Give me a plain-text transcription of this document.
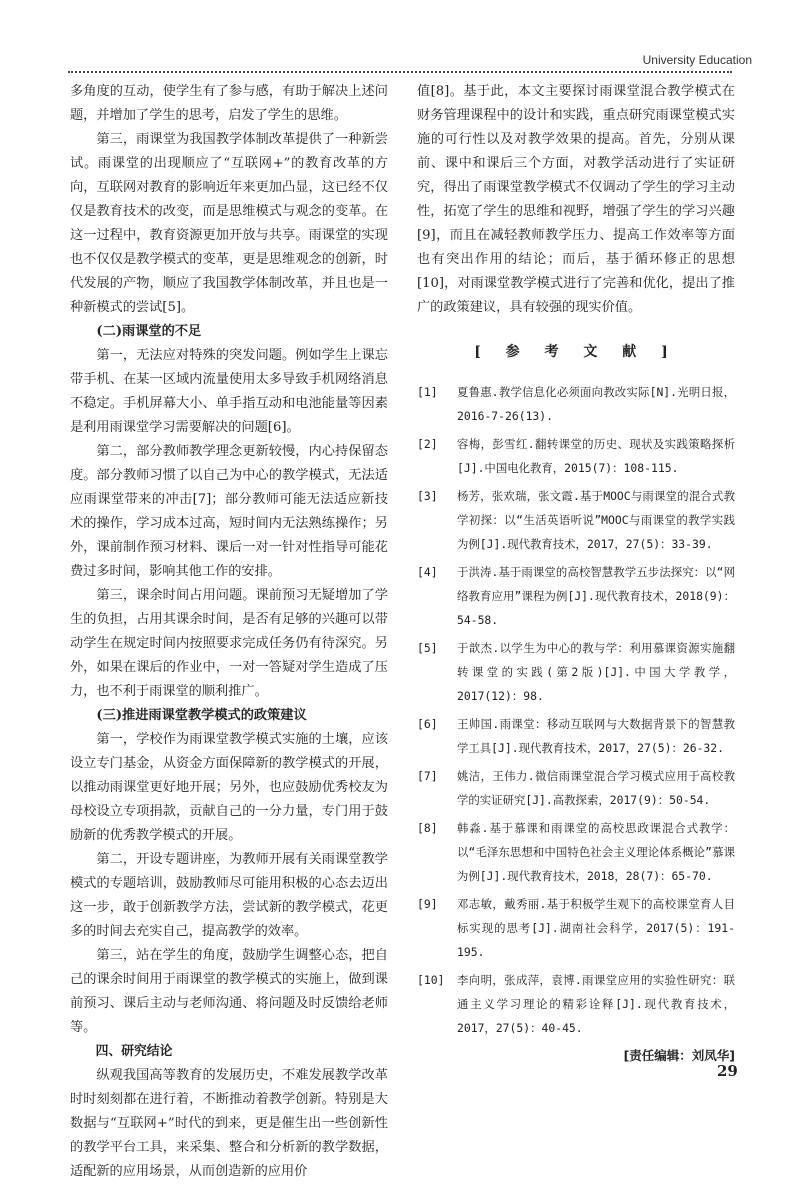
University Education

多角度的互动，使学生有了参与感，有助于解决上述问题，并增加了学生的思考，启发了学生的思维。

第三，雨课堂为我国教学体制改革提供了一种新尝试。雨课堂的出现顺应了“互联网+”的教育改革的方向，互联网对教育的影响近年来更加凸显，这已经不仅仅是教育技术的改变，而是思维模式与观念的变革。在这一过程中，教育资源更加开放与共享。雨课堂的实现也不仅仅是教学模式的变革，更是思维观念的创新，时代发展的产物，顺应了我国教学体制改革，并且也是一种新模式的尝试[5]。

(二)雨课堂的不足

第一，无法应对特殊的突发问题。例如学生上课忘带手机、在某一区域内流量使用太多导致手机网络消息不稳定。手机屏幕大小、单手指互动和电池能量等因素是利用雨课堂学习需要解决的问题[6]。

第二，部分教师教学理念更新较慢，内心持保留态度。部分教师习惯了以自己为中心的教学模式，无法适应雨课堂带来的冲击[7]；部分教师可能无法适应新技术的操作，学习成本过高，短时间内无法熟练操作；另外，课前制作预习材料、课后一对一针对性指导可能花费过多时间，影响其他工作的安排。

第三，课余时间占用问题。课前预习无疑增加了学生的负担，占用其课余时间，是否有足够的兴趣可以带动学生在规定时间内按照要求完成任务仍有待深究。另外，如果在课后的作业中，一对一答疑对学生造成了压力，也不利于雨课堂的顺利推广。

(三)推进雨课堂教学模式的政策建议

第一，学校作为雨课堂教学模式实施的土壤，应该设立专门基金，从资金方面保障新的教学模式的开展，以推动雨课堂更好地开展；另外，也应鼓励优秀校友为母校设立专项捐款，贡献自己的一分力量，专门用于鼓励新的优秀教学模式的开展。

第二，开设专题讲座，为教师开展有关雨课堂教学模式的专题培训，鼓励教师尽可能用积极的心态去迈出这一步，敢于创新教学方法，尝试新的教学模式，花更多的时间去充实自己，提高教学的效率。

第三，站在学生的角度，鼓励学生调整心态，把自己的课余时间用于雨课堂的教学模式的实施上，做到课前预习、课后主动与老师沟通、将问题及时反馈给老师等。

四、研究结论

纵观我国高等教育的发展历史，不难发展教学改革时时刻刻都在进行着，不断推动着教学创新。特别是大数据与“互联网+”时代的到来，更是催生出一些创新性的教学平台工具，来采集、整合和分析新的教学数据，适配新的应用场景，从而创造新的应用价

值[8]。基于此，本文主要探讨雨课堂混合教学模式在财务管理课程中的设计和实践，重点研究雨课堂模式实施的可行性以及对教学效果的提高。首先，分别从课前、课中和课后三个方面，对教学活动进行了实证研究，得出了雨课堂教学模式不仅调动了学生的学习主动性，拓宽了学生的思维和视野，增强了学生的学习兴趣[9]，而且在减轻教师教学压力、提高工作效率等方面也有突出作用的结论；而后，基于循环修正的思想[10]，对雨课堂教学模式进行了完善和优化，提出了推广的政策建议，具有较强的现实价值。

[ 参 考 文 献 ]
[1]	夏鲁惠.教学信息化必须面向教改实际[N].光明日报，2016-7-26(13).
[2]	容梅，彭雪红.翻转课堂的历史、现状及实践策略探析[J].中国电化教育，2015(7)：108-115.
[3]	杨芳，张欢瑞，张文霞.基于MOOC与雨课堂的混合式教学初探：以“生活英语听说”MOOC与雨课堂的教学实践为例[J].现代教育技术，2017，27(5)：33-39.
[4]	于洪涛.基于雨课堂的高校智慧教学五步法探究：以“网络教育应用”课程为例[J].现代教育技术，2018(9)：54-58.
[5]	于歆杰.以学生为中心的教与学：利用慕课资源实施翻转课堂的实践(第2版)[J].中国大学教学，2017(12)：98.
[6]	王帅国.雨课堂：移动互联网与大数据背景下的智慧教学工具[J].现代教育技术，2017，27(5)：26-32.
[7]	姚洁，王伟力.微信雨课堂混合学习模式应用于高校教学的实证研究[J].高教探索，2017(9)：50-54.
[8]	韩淼.基于慕课和雨课堂的高校思政课混合式教学：以“毛泽东思想和中国特色社会主义理论体系概论”慕课为例[J].现代教育技术，2018，28(7)：65-70.
[9]	邓志敏，戴秀丽.基于积极学生观下的高校课堂育人目标实现的思考[J].湖南社会科学，2017(5)：191-195.
[10]	李向明，张成萍，袁博.雨课堂应用的实验性研究：联通主义学习理论的精彩诠释[J].现代教育技术，2017，27(5)：40-45.
[责任编辑：刘凤华]
29
